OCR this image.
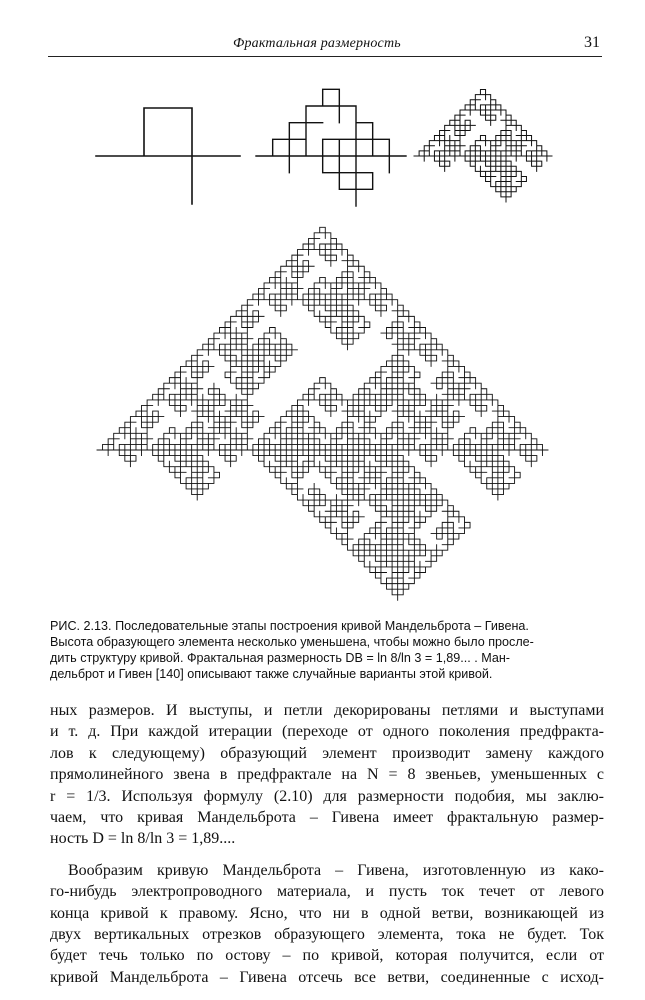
Фрактальная размерность	31
РИС. 2.13. Последовательные этапы построения кривой Мандельброта – Гивена.
Высота образующего элемента несколько уменьшена, чтобы можно было просле-
дить структуру кривой. Фрактальная размерность DΒ = ln 8/ln 3 = 1,89... . Ман-
дельброт и Гивен [140] описывают также случайные варианты этой кривой.
ных размеров. И выступы, и петли декорированы петлями и выступами
и т. д. При каждой итерации (переходе от одного поколения предфракта-
лов к следующему) образующий элемент производит замену каждого
прямолинейного звена в предфрактале на N = 8 звеньев, уменьшенных с
r = 1/3. Используя формулу (2.10) для размерности подобия, мы заклю-
чаем, что кривая Мандельброта – Гивена имеет фрактальную размер-
ность D = ln 8/ln 3 = 1,89....
Вообразим кривую Мандельброта – Гивена, изготовленную из како-
го-нибудь электропроводного материала, и пусть ток течет от левого
конца кривой к правому. Ясно, что ни в одной ветви, возникающей из
двух вертикальных отрезков образующего элемента, тока не будет. Ток
будет течь только по остову – по кривой, которая получится, если от
кривой Мандельброта – Гивена отсечь все ветви, соединенные с исход-
